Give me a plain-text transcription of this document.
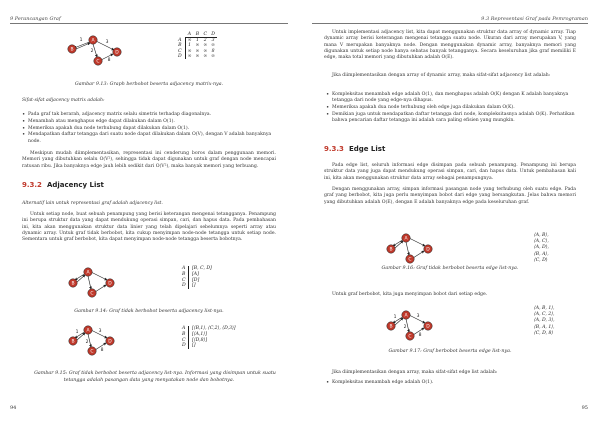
9 Perancangan Graf
A
B
C
D
1
2
3
8
	A	B	C	D
A	∞	1	2	3
B	1	∞	∞	∞
C	∞	∞	∞	8
D	∞	∞	∞	∞
Gambar 9.13: Graph berbobot beserta adjacency matrix-nya.
Sifat-sifat adjacency matrix adalah:
• Pada graf tak berarah, adjacency matrix selalu simetris terhadap diagonalnya.
• Menambah atau menghapus edge dapat dilakukan dalam O(1).
• Memeriksa apakah dua node terhubung dapat dilakukan dalam O(1).
• Mendapatkan daftar tetangga dari suatu node dapat dilakukan dalam O(V), dengan V adalah banyaknya node.

Meskipun mudah diimplementasikan, representasi ini cenderung boros dalam penggunaan memori. Memori yang dibutuhkan selalu O(V²), sehingga tidak dapat digunakan untuk graf dengan node mencapai ratusan ribu. Jika banyaknya edge jauh lebih sedikit dari O(V²), maka banyak memori yang terbuang.

9.3.2 Adjacency List
Alternatif lain untuk representasi graf adalah adjacency list.

Untuk setiap node, buat sebuah penampung yang berisi keterangan mengenai tetangganya. Penampung ini berupa struktur data yang dapat mendukung operasi simpan, cari, dan hapus data. Pada pembahasan ini, kita akan menggunakan struktur data linier yang telah dipelajari sebelumnya seperti array atau dynamic array. Untuk graf tidak berbobot, kita cukup menyimpan node-node tetangga untuk setiap node. Sementara untuk graf berbobot, kita dapat menyimpan node-node tetangga beserta bobotnya.

A
B
C
D
A	[B, C, D]
B	[A]
C	[D]
D	[]
Gambar 9.14: Graf tidak berbobot beserta adjacency list-nya.
A
B
C
D
1
2
3
8
A	[⟨B,1⟩, ⟨C,2⟩, ⟨D,3⟩]
B	[⟨A,1⟩]
C	[⟨D,8⟩]
D	[]
Gambar 9.15: Graf tidak berbobot beserta adjacency list-nya. Informasi yang disimpan untuk suatu
tetangga adalah pasangan data yang menyatakan node dan bobotnya.
94
9.3 Representasi Graf pada Pemrograman

Untuk implementasi adjacency list, kita dapat menggunakan struktur data array of dynamic array. Tiap dynamic array berisi keterangan mengenai tetangga suatu node. Ukuran dari array merupakan V, yang mana V merupakan banyaknya node. Dengan menggunakan dynamic array, banyaknya memori yang digunakan untuk setiap node hanya sebatas banyak tetangganya. Secara keseluruhan jika graf memiliki E edge, maka total memori yang dibutuhkan adalah O(E).

Jika diimplementasikan dengan array of dynamic array, maka sifat-sifat adjacency list adalah:

• Kompleksitas menambah edge adalah O(1), dan menghapus adalah O(K) dengan K adalah banyaknya tetangga dari node yang edge-nya dihapus.
• Memeriksa apakah dua node terhubung oleh edge juga dilakukan dalam O(K).
• Demikian juga untuk mendapatkan daftar tetangga dari node, kompleksitasnya adalah O(K). Perhatikan bahwa pencarian daftar tetangga ini adalah cara paling efisien yang mungkin.
9.3.3 Edge List

Pada edge list, seluruh informasi edge disimpan pada sebuah penampung. Penampung ini berupa struktur data yang juga dapat mendukung operasi simpan, cari, dan hapus data. Untuk pembahasan kali ini, kita akan menggunakan struktur data array sebagai penampungnya.

Dengan menggunakan array, simpan informasi pasangan node yang terhubung oleh suatu edge. Pada graf yang berbobot, kita juga perlu menyimpan bobot dari edge yang bersangkutan. Jelas bahwa memori yang dibutuhkan adalah O(E), dengan E adalah banyaknya edge pada keseluruhan graf.

A
B
C
D
⟨A, B⟩,
⟨A, C⟩,
⟨A, D⟩,
⟨B, A⟩,
⟨C, D⟩
Gambar 9.16: Graf tidak berbobot beserta edge list-nya.

Untuk graf berbobot, kita juga menyimpan bobot dari setiap edge.

A
B
C
D
1
2
3
8
⟨A, B, 1⟩,
⟨A, C, 2⟩,
⟨A, D, 3⟩,
⟨B, A, 1⟩,
⟨C, D, 8⟩
Gambar 9.17: Graf berbobot beserta edge list-nya.

Jika diimplementasikan dengan array, maka sifat-sifat edge list adalah:

• Kompleksitas menambah edge adalah O(1).
95
